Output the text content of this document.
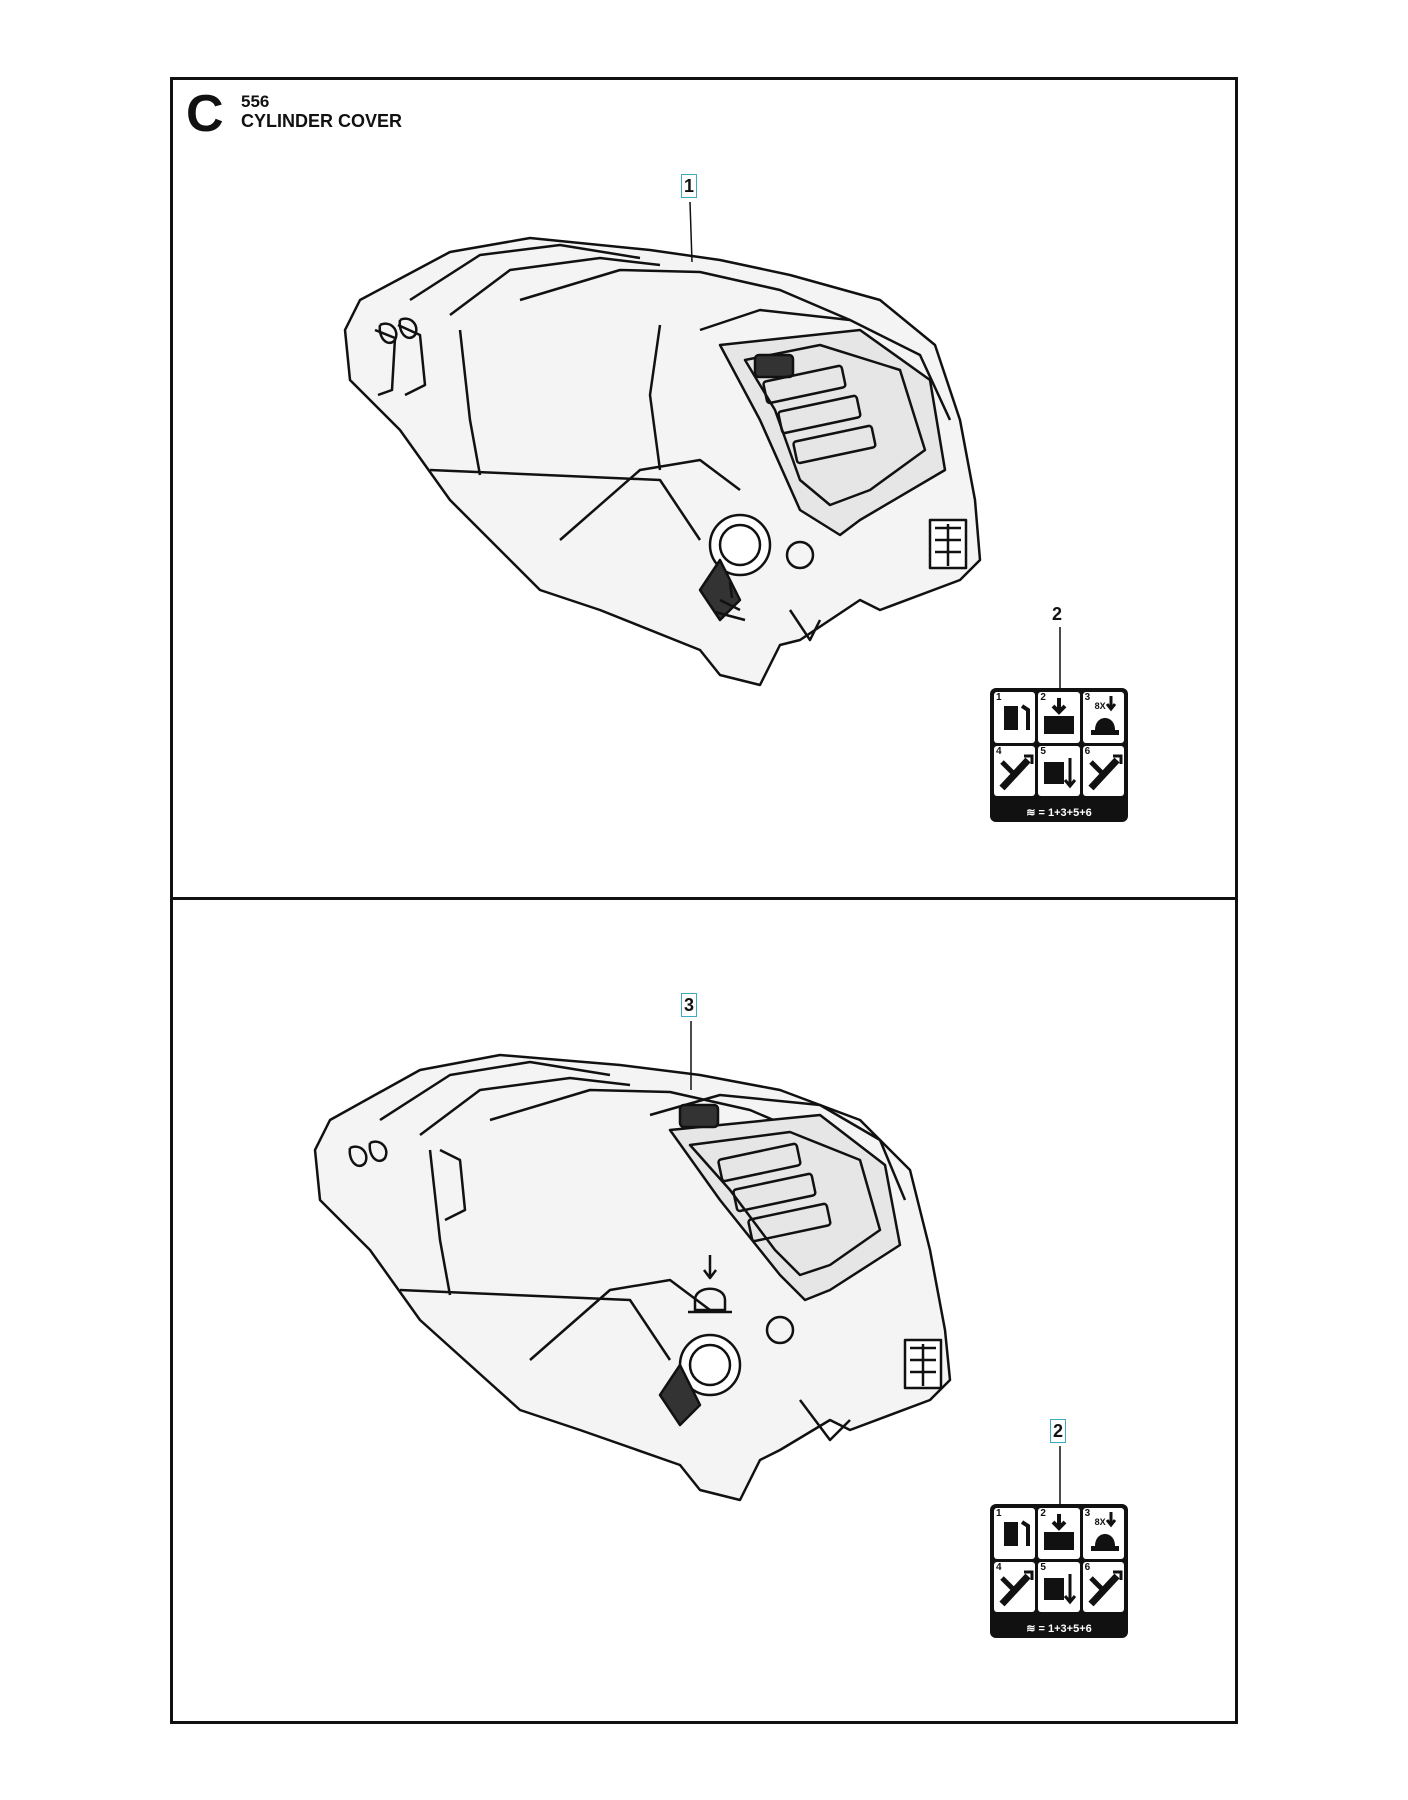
C 556
CYLINDER COVER
1
2
3
2
1	2	3
8X
4	5	6
≋ = 1+3+5+6
1	2	3
8X
4	5	6
≋ = 1+3+5+6
